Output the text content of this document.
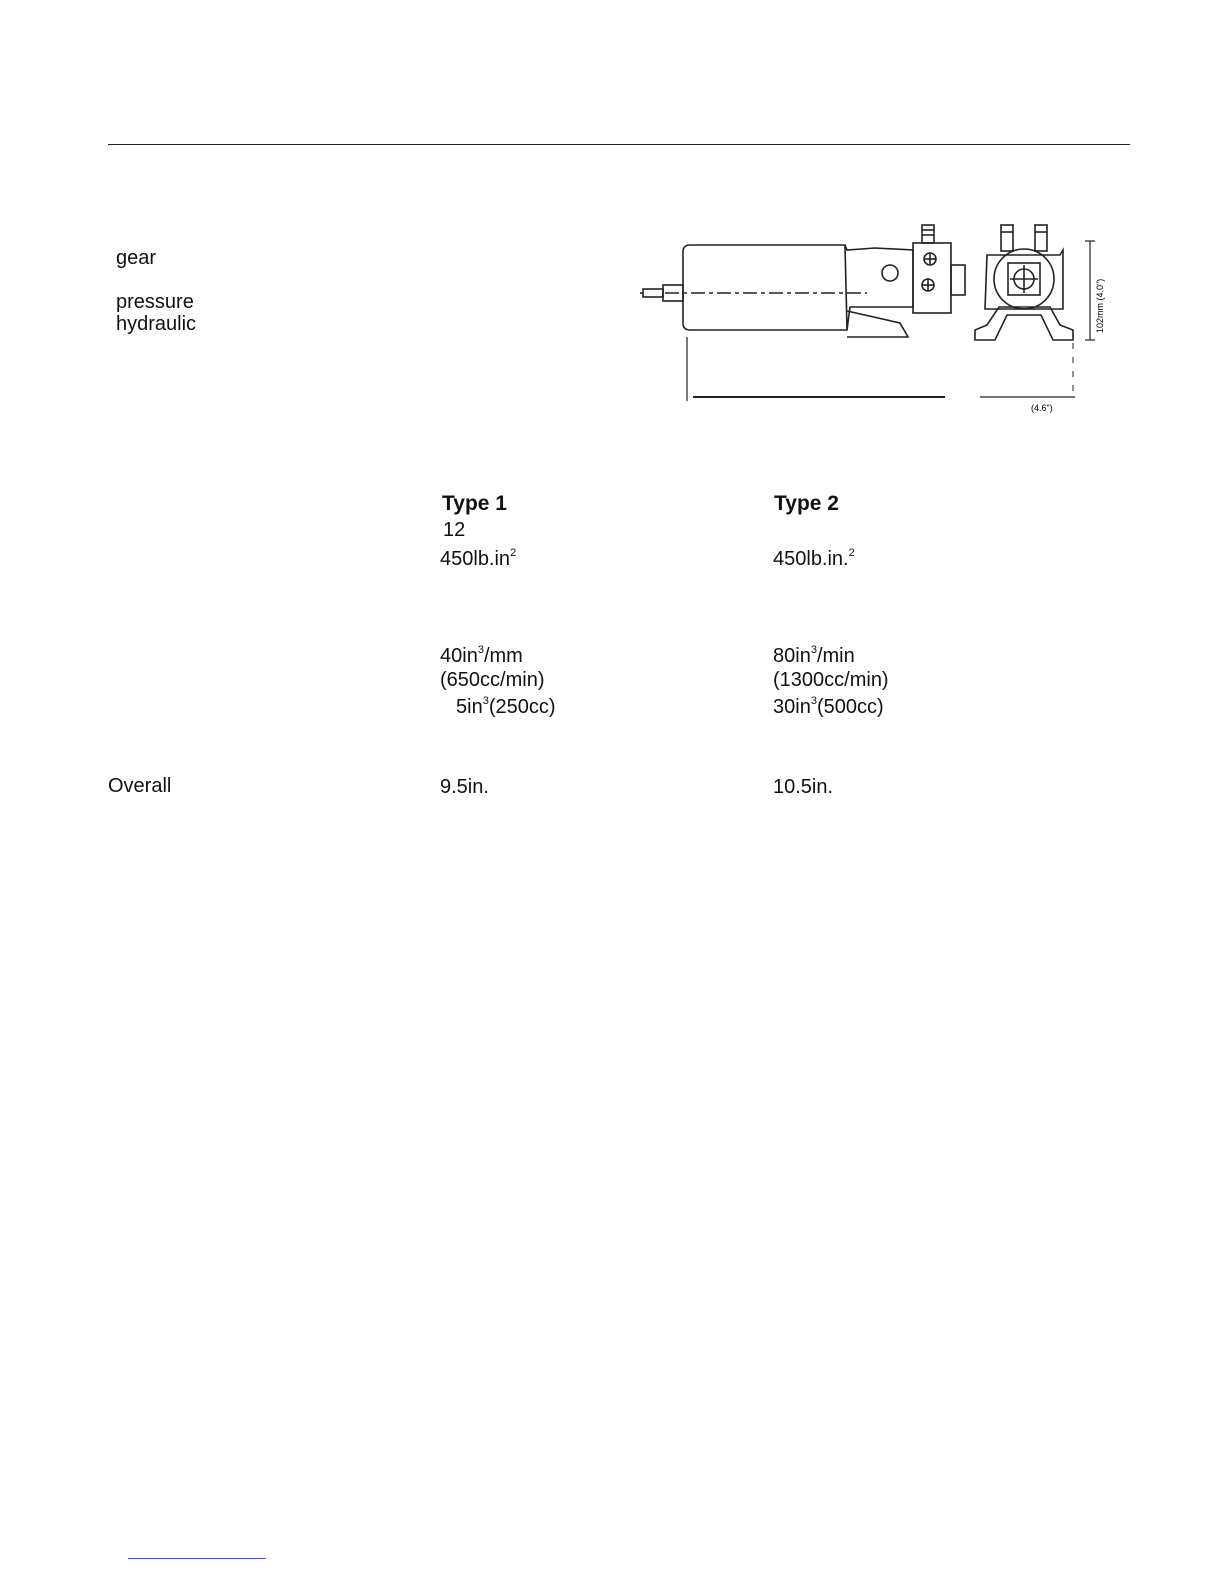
gear
pressure
hydraulic
Overall
102mm (4.0")
(4.6")
Type 1
12
$450lb.in^2$
$40in^3/mm$
(650cc/min)
$5in^3(250cc)$
9.5in.
Type 2
450lb.in.$^2$
$80in^3/\min$
(1300cc/min)
$30in^3(500cc)$
10.5in.
